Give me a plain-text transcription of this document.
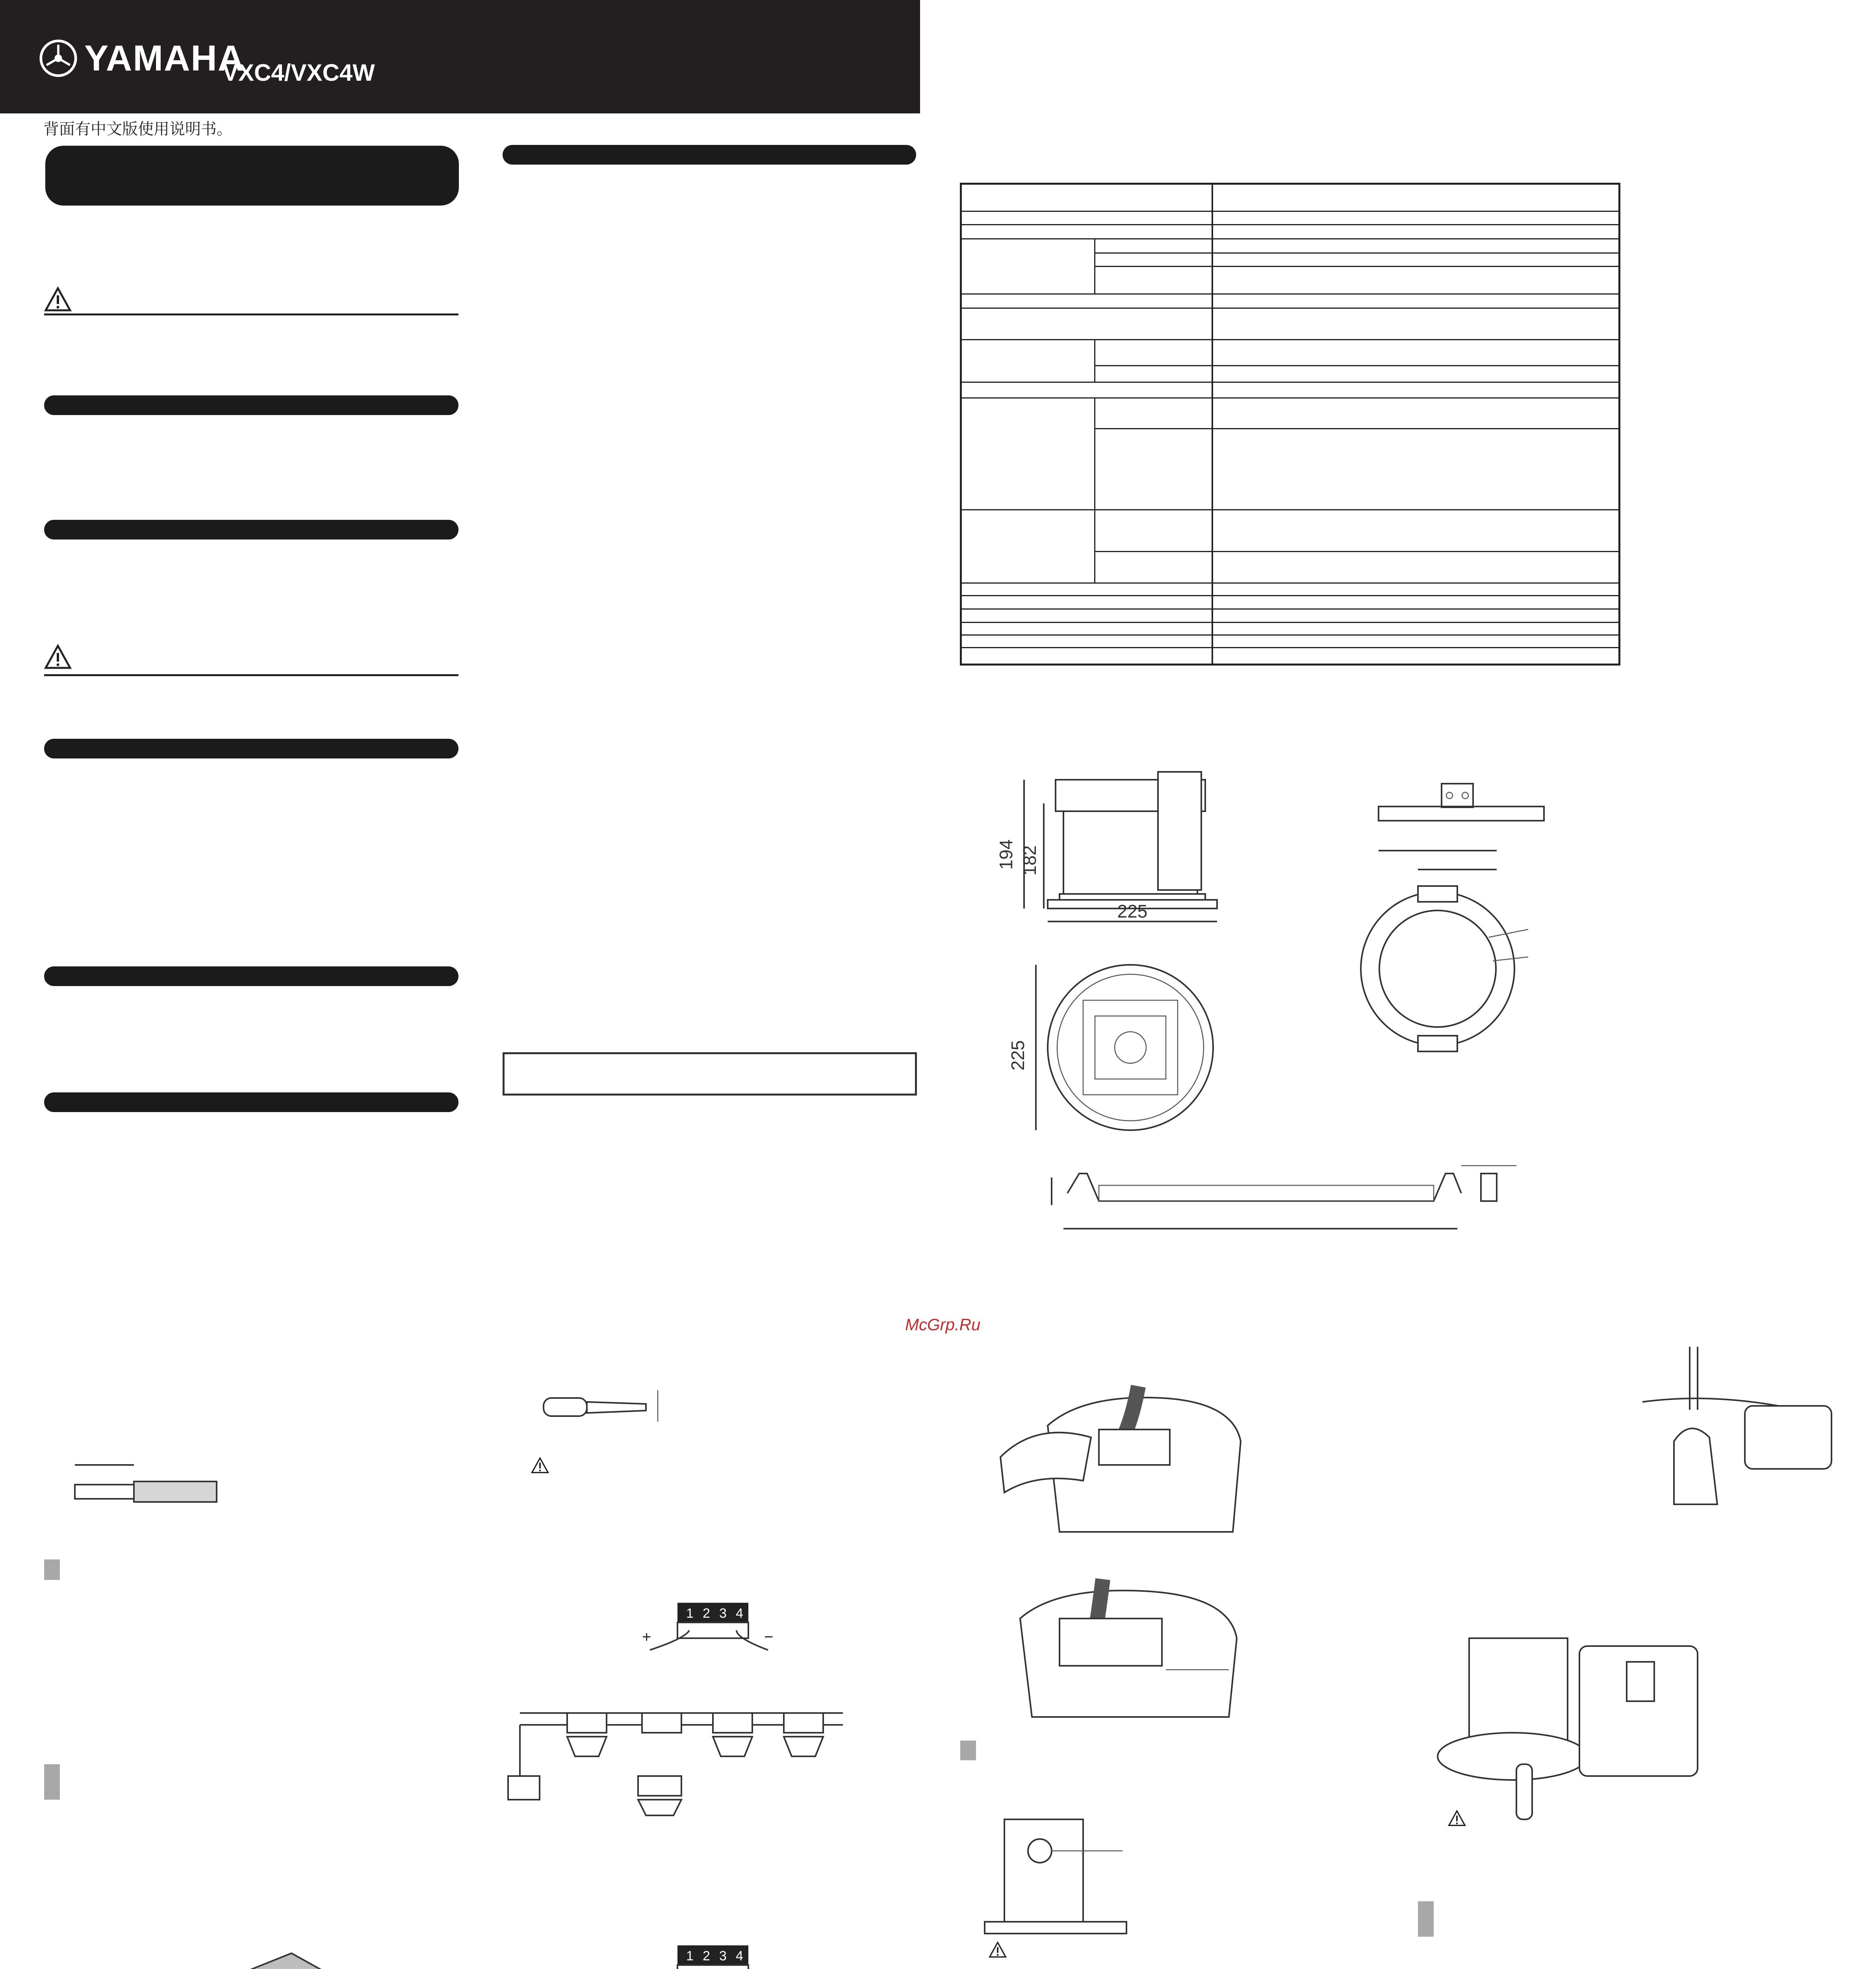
YAMAHA
VXC4/VXC4W
背面有中文版使用说明书。
194 182
225
225
McGrp.Ru
1 2 3 4
+	−
1 2 3 4
